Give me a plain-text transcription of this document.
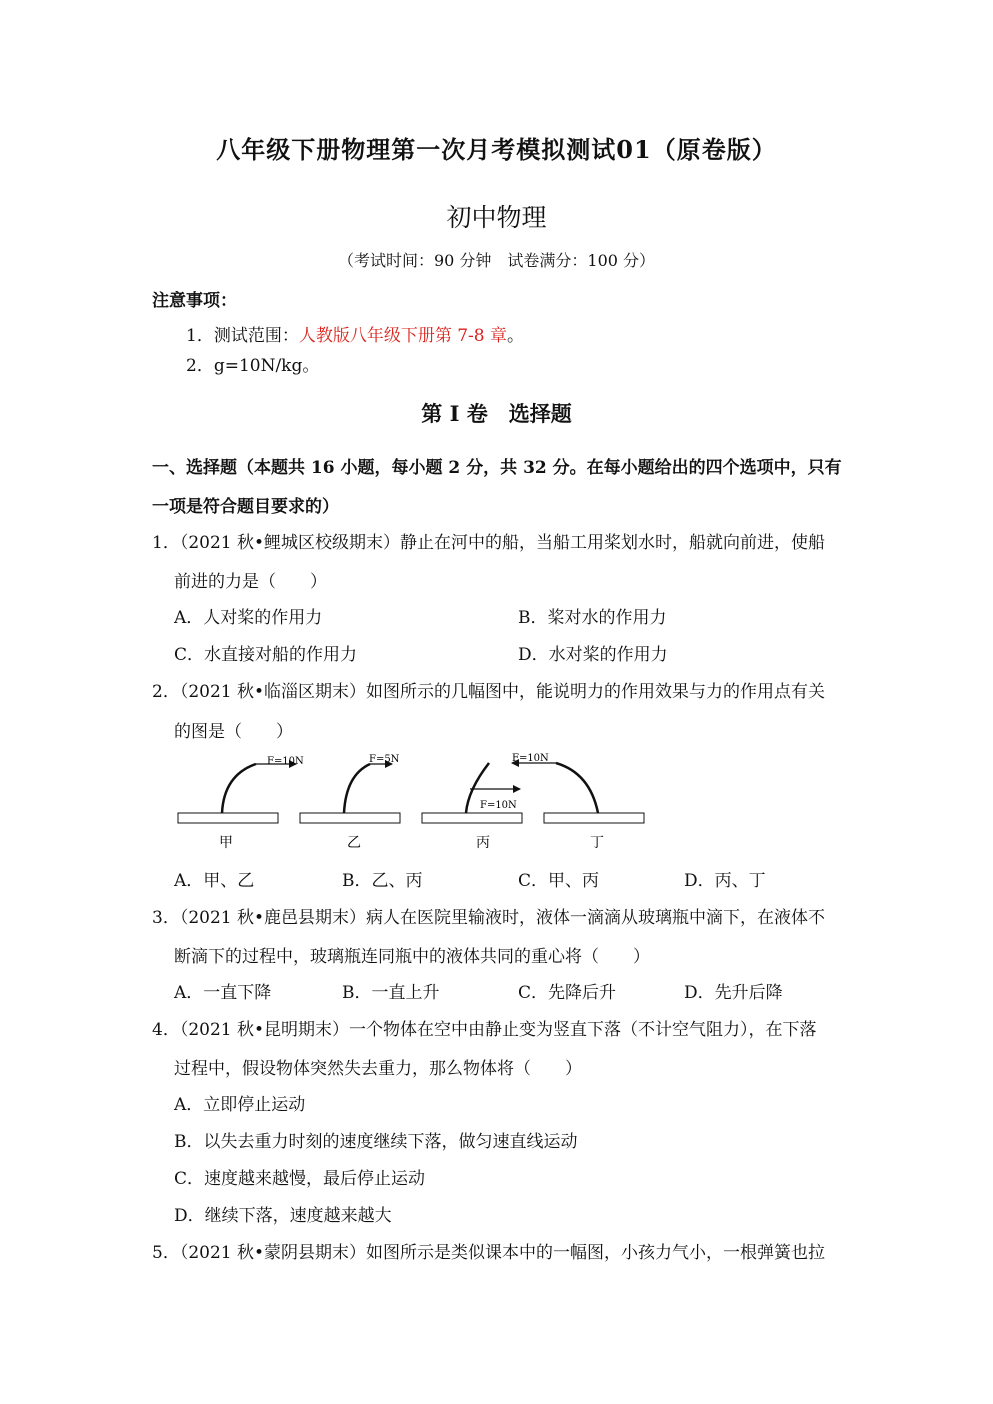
八年级下册物理第一次月考模拟测试01（原卷版）
初中物理
（考试时间：90 分钟　试卷满分：100 分）
注意事项：
1．测试范围：人教版八年级下册第 7-8 章。
2．g=10N/kg。
第 I 卷　选择题
一、选择题（本题共 16 小题，每小题 2 分，共 32 分。在每小题给出的四个选项中，只有
一项是符合题目要求的）
1．（2021 秋•鲤城区校级期末）静止在河中的船，当船工用桨划水时，船就向前进，使船
前进的力是（　　）
A．人对桨的作用力	B．桨对水的作用力
C．水直接对船的作用力	D．水对桨的作用力
2．（2021 秋•临淄区期末）如图所示的几幅图中，能说明力的作用效果与力的作用点有关
的图是（　　）
F=10N
甲
F=5N
乙
F=10N
丙
F=10N
丁
A．甲、乙	B．乙、丙	C．甲、丙	D．丙、丁
3．（2021 秋•鹿邑县期末）病人在医院里输液时，液体一滴滴从玻璃瓶中滴下，在液体不
断滴下的过程中，玻璃瓶连同瓶中的液体共同的重心将（　　）
A．一直下降	B．一直上升	C．先降后升	D．先升后降
4．（2021 秋•昆明期末）一个物体在空中由静止变为竖直下落（不计空气阻力），在下落
过程中，假设物体突然失去重力，那么物体将（　　）
A．立即停止运动
B．以失去重力时刻的速度继续下落，做匀速直线运动
C．速度越来越慢，最后停止运动
D．继续下落，速度越来越大
5．（2021 秋•蒙阴县期末）如图所示是类似课本中的一幅图，小孩力气小，一根弹簧也拉
